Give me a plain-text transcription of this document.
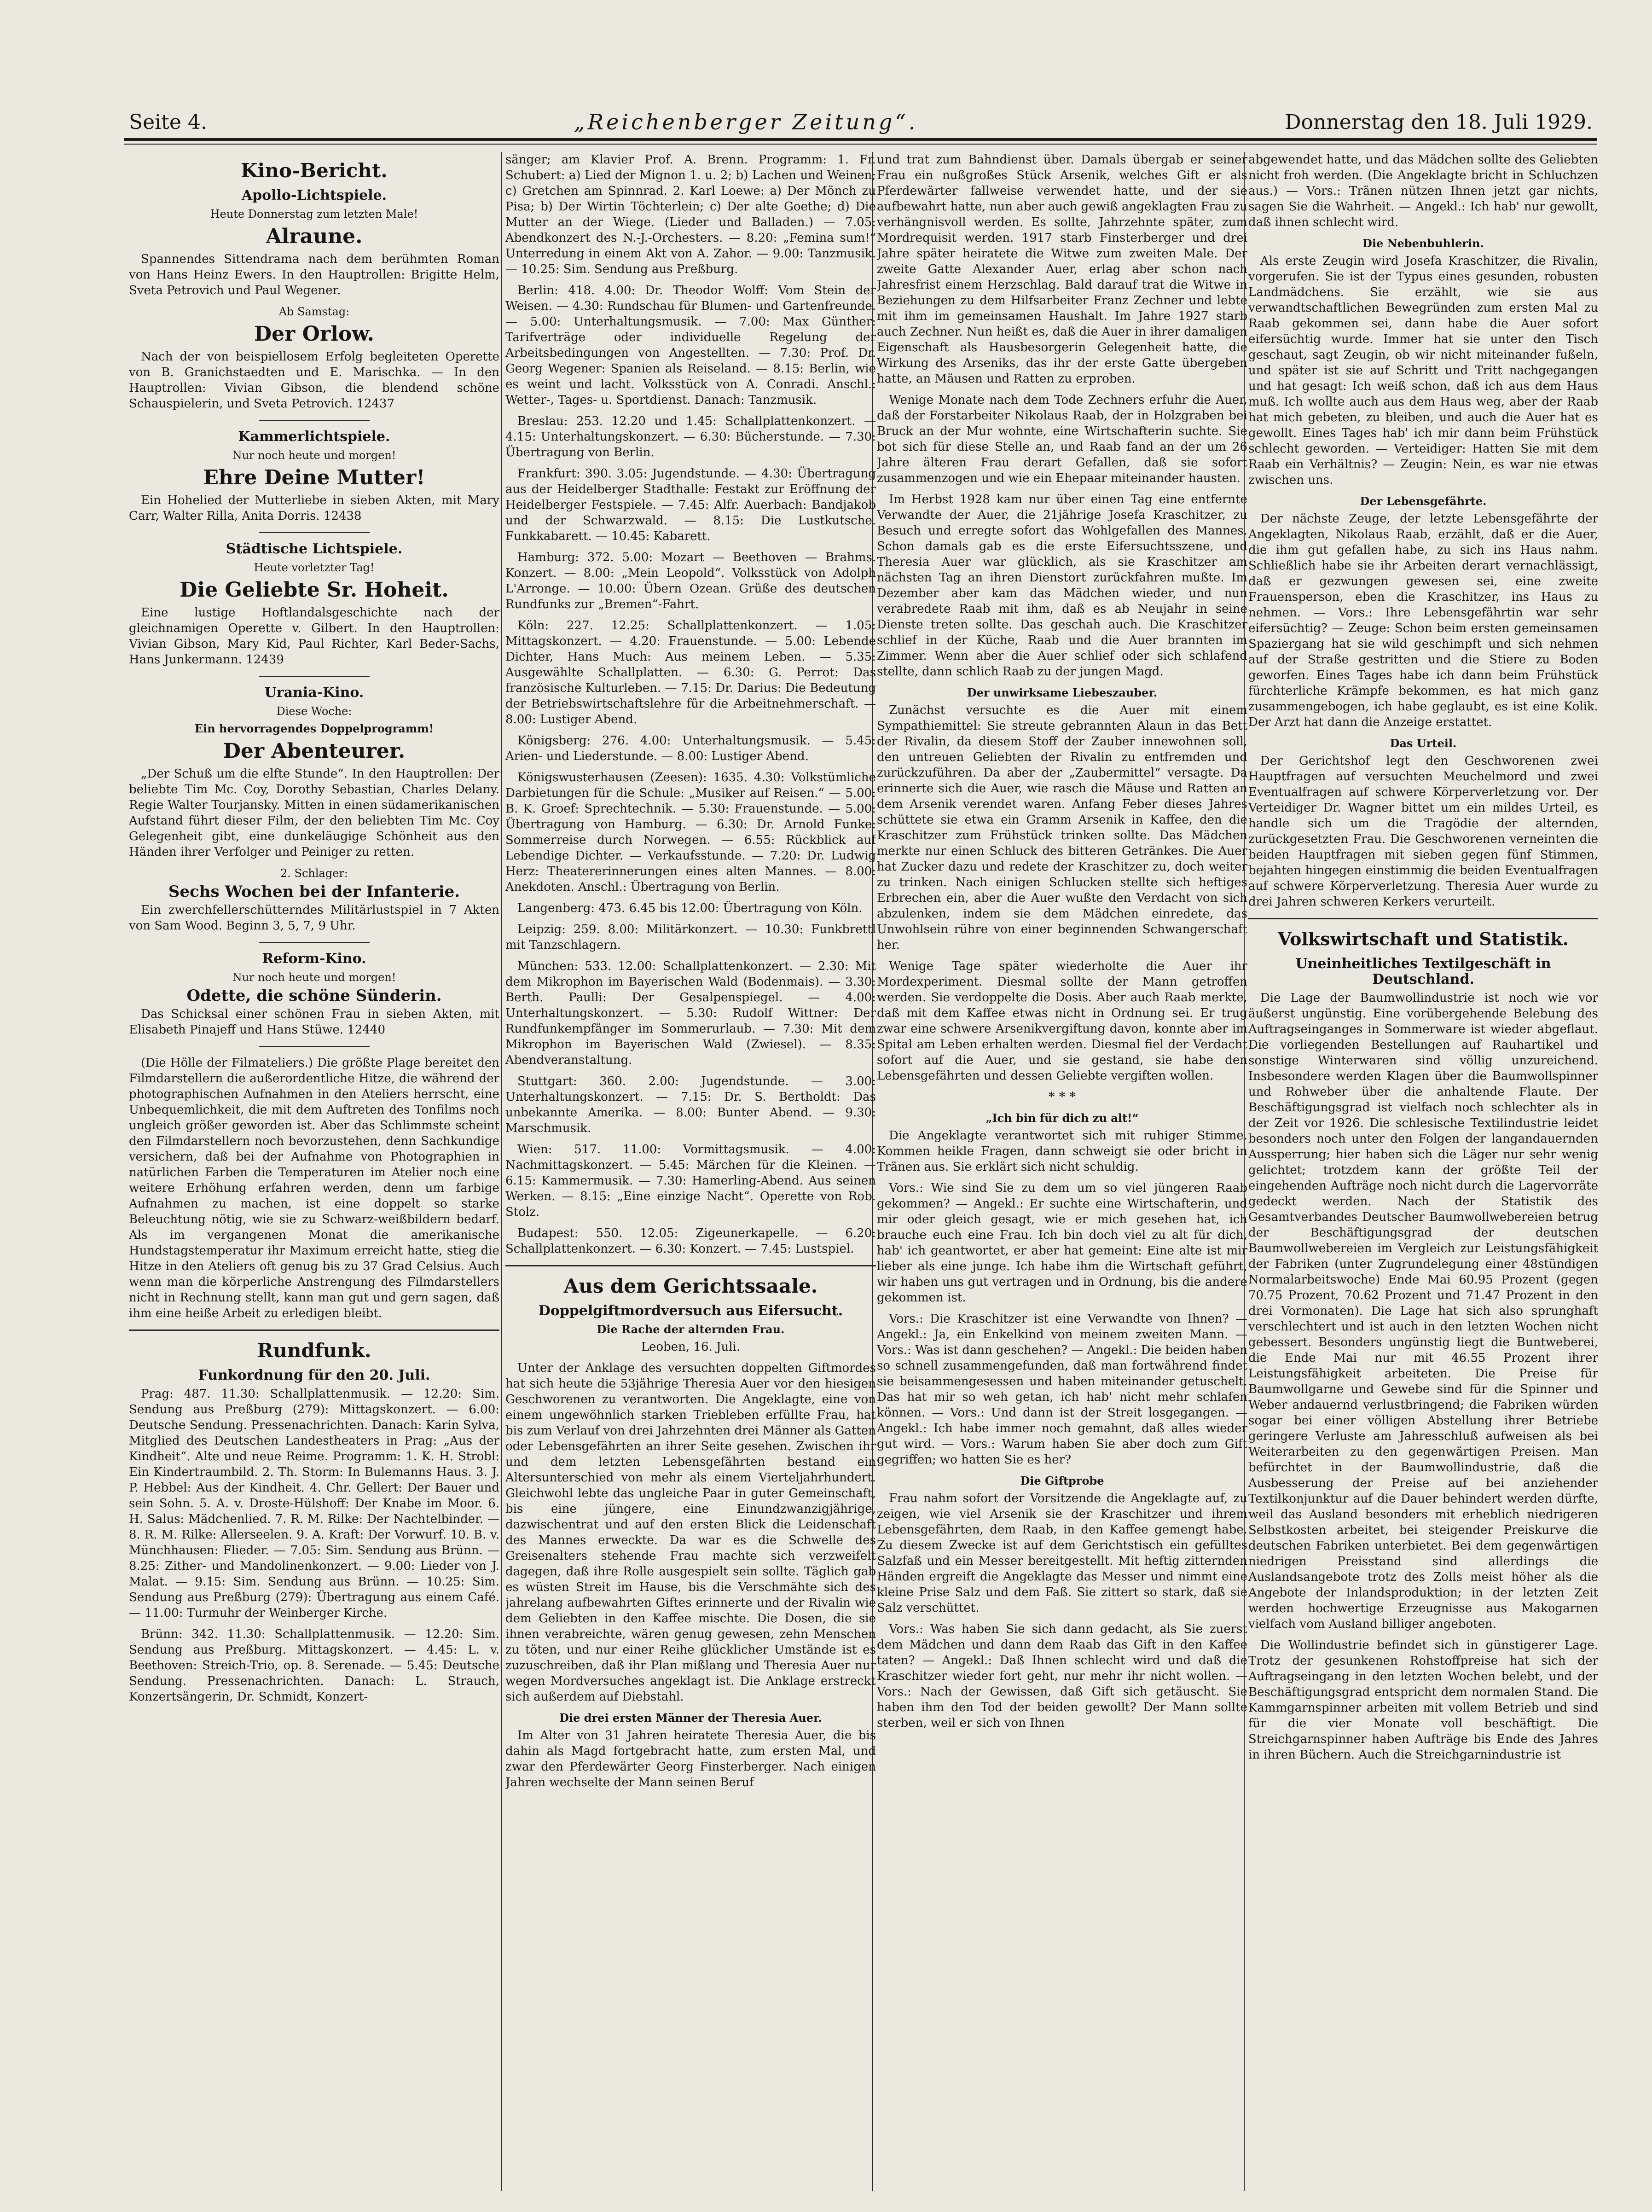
Seite 4.	„Reichenberger Zeitung“.	Donnerstag den 18. Juli 1929.
Kino-Bericht.
Apollo-Lichtspiele.
Heute Donnerstag zum letzten Male!
Alraune.

Spannendes Sittendrama nach dem berühmten Roman von Hans Heinz Ewers. In den Hauptrollen: Brigitte Helm, Sveta Petrovich und Paul Wegener.

Ab Samstag:
Der Orlow.

Nach der von beispiellosem Erfolg begleiteten Operette von B. Granichstaedten und E. Marischka. — In den Hauptrollen: Vivian Gibson, die blendend schöne Schauspielerin, und Sveta Petrovich. 12437

Kammerlichtspiele.
Nur noch heute und morgen!
Ehre Deine Mutter!

Ein Hohelied der Mutterliebe in sieben Akten, mit Mary Carr, Walter Rilla, Anita Dorris. 12438

Städtische Lichtspiele.
Heute vorletzter Tag!
Die Geliebte Sr. Hoheit.

Eine lustige Hoftlandalsgeschichte nach der gleichnamigen Operette v. Gilbert. In den Hauptrollen: Vivian Gibson, Mary Kid, Paul Richter, Karl Beder-Sachs, Hans Junkermann. 12439

Urania-Kino.
Diese Woche:
Ein hervorragendes Doppelprogramm!
Der Abenteurer.

„Der Schuß um die elfte Stunde“. In den Hauptrollen: Der beliebte Tim Mc. Coy, Dorothy Sebastian, Charles Delany. Regie Walter Tourjansky. Mitten in einen südamerikanischen Aufstand führt dieser Film, der den beliebten Tim Mc. Coy Gelegenheit gibt, eine dunkeläugige Schönheit aus den Händen ihrer Verfolger und Peiniger zu retten.

2. Schlager:
Sechs Wochen bei der Infanterie.

Ein zwerchfellerschütterndes Militärlustspiel in 7 Akten von Sam Wood. Beginn 3, 5, 7, 9 Uhr.

Reform-Kino.
Nur noch heute und morgen!
Odette, die schöne Sünderin.

Das Schicksal einer schönen Frau in sieben Akten, mit Elisabeth Pinajeff und Hans Stüwe. 12440

(Die Hölle der Filmateliers.) Die größte Plage bereitet den Filmdarstellern die außerordentliche Hitze, die während der photographischen Aufnahmen in den Ateliers herrscht, eine Unbequemlichkeit, die mit dem Auftreten des Tonfilms noch ungleich größer geworden ist. Aber das Schlimmste scheint den Filmdarstellern noch bevorzustehen, denn Sachkundige versichern, daß bei der Aufnahme von Photographien in natürlichen Farben die Temperaturen im Atelier noch eine weitere Erhöhung erfahren werden, denn um farbige Aufnahmen zu machen, ist eine doppelt so starke Beleuchtung nötig, wie sie zu Schwarz-weißbildern bedarf. Als im vergangenen Monat die amerikanische Hundstagstemperatur ihr Maximum erreicht hatte, stieg die Hitze in den Ateliers oft genug bis zu 37 Grad Celsius. Auch wenn man die körperliche Anstrengung des Filmdarstellers nicht in Rechnung stellt, kann man gut und gern sagen, daß ihm eine heiße Arbeit zu erledigen bleibt.

Rundfunk.
Funkordnung für den 20. Juli.

Prag: 487. 11.30: Schallplattenmusik. — 12.20: Sim. Sendung aus Preßburg (279): Mittagskonzert. — 6.00: Deutsche Sendung. Pressenachrichten. Danach: Karin Sylva, Mitglied des Deutschen Landestheaters in Prag: „Aus der Kindheit“. Alte und neue Reime. Programm: 1. K. H. Strobl: Ein Kindertraumbild. 2. Th. Storm: In Bulemanns Haus. 3. J. P. Hebbel: Aus der Kindheit. 4. Chr. Gellert: Der Bauer und sein Sohn. 5. A. v. Droste-Hülshoff: Der Knabe im Moor. 6. H. Salus: Mädchenlied. 7. R. M. Rilke: Der Nachtelbinder. — 8. R. M. Rilke: Allerseelen. 9. A. Kraft: Der Vorwurf. 10. B. v. Münchhausen: Flieder. — 7.05: Sim. Sendung aus Brünn. — 8.25: Zither- und Mandolinenkonzert. — 9.00: Lieder von J. Malat. — 9.15: Sim. Sendung aus Brünn. — 10.25: Sim. Sendung aus Preßburg (279): Übertragung aus einem Café. — 11.00: Turmuhr der Weinberger Kirche.

Brünn: 342. 11.30: Schallplattenmusik. — 12.20: Sim. Sendung aus Preßburg. Mittagskonzert. — 4.45: L. v. Beethoven: Streich-Trio, op. 8. Serenade. — 5.45: Deutsche Sendung. Pressenachrichten. Danach: L. Strauch, Konzertsängerin, Dr. Schmidt, Konzert-

sänger; am Klavier Prof. A. Brenn. Programm: 1. Fr. Schubert: a) Lied der Mignon 1. u. 2; b) Lachen und Weinen; c) Gretchen am Spinnrad. 2. Karl Loewe: a) Der Mönch zu Pisa; b) Der Wirtin Töchterlein; c) Der alte Goethe; d) Die Mutter an der Wiege. (Lieder und Balladen.) — 7.05: Abendkonzert des N.-J.-Orchesters. — 8.20: „Femina sum!“ Unterredung in einem Akt von A. Zahor. — 9.00: Tanzmusik. — 10.25: Sim. Sendung aus Preßburg.

Berlin: 418. 4.00: Dr. Theodor Wolff: Vom Stein der Weisen. — 4.30: Rundschau für Blumen- und Gartenfreunde. — 5.00: Unterhaltungsmusik. — 7.00: Max Günther: Tarifverträge oder individuelle Regelung der Arbeitsbedingungen von Angestellten. — 7.30: Prof. Dr. Georg Wegener: Spanien als Reiseland. — 8.15: Berlin, wie es weint und lacht. Volksstück von A. Conradi. Anschl.: Wetter-, Tages- u. Sportdienst. Danach: Tanzmusik.

Breslau: 253. 12.20 und 1.45: Schallplattenkonzert. — 4.15: Unterhaltungskonzert. — 6.30: Bücherstunde. — 7.30: Übertragung von Berlin.

Frankfurt: 390. 3.05: Jugendstunde. — 4.30: Übertragung aus der Heidelberger Stadthalle: Festakt zur Eröffnung der Heidelberger Festspiele. — 7.45: Alfr. Auerbach: Bandjakob und der Schwarzwald. — 8.15: Die Lustkutsche. Funkkabarett. — 10.45: Kabarett.

Hamburg: 372. 5.00: Mozart — Beethoven — Brahms. Konzert. — 8.00: „Mein Leopold“. Volksstück von Adolph L'Arronge. — 10.00: Übern Ozean. Grüße des deutschen Rundfunks zur „Bremen“-Fahrt.

Köln: 227. 12.25: Schallplattenkonzert. — 1.05: Mittagskonzert. — 4.20: Frauenstunde. — 5.00: Lebende Dichter, Hans Much: Aus meinem Leben. — 5.35: Ausgewählte Schallplatten. — 6.30: G. Perrot: Das französische Kulturleben. — 7.15: Dr. Darius: Die Bedeutung der Betriebswirtschaftslehre für die Arbeitnehmerschaft. — 8.00: Lustiger Abend.

Königsberg: 276. 4.00: Unterhaltungsmusik. — 5.45: Arien- und Liederstunde. — 8.00: Lustiger Abend.

Königswusterhausen (Zeesen): 1635. 4.30: Volkstümliche Darbietungen für die Schule: „Musiker auf Reisen.“ — 5.00: B. K. Groef: Sprechtechnik. — 5.30: Frauenstunde. — 5.00: Übertragung von Hamburg. — 6.30: Dr. Arnold Funke: Sommerreise durch Norwegen. — 6.55: Rückblick auf Lebendige Dichter. — Verkaufsstunde. — 7.20: Dr. Ludwig Herz: Theatererinnerungen eines alten Mannes. — 8.00: Anekdoten. Anschl.: Übertragung von Berlin.

Langenberg: 473. 6.45 bis 12.00: Übertragung von Köln.

Leipzig: 259. 8.00: Militärkonzert. — 10.30: Funkbrettl mit Tanzschlagern.

München: 533. 12.00: Schallplattenkonzert. — 2.30: Mit dem Mikrophon im Bayerischen Wald (Bodenmais). — 3.30: Berth. Paulli: Der Gesalpenspiegel. — 4.00: Unterhaltungskonzert. — 5.30: Rudolf Wittner: Der Rundfunkempfänger im Sommerurlaub. — 7.30: Mit dem Mikrophon im Bayerischen Wald (Zwiesel). — 8.35: Abendveranstaltung.

Stuttgart: 360. 2.00: Jugendstunde. — 3.00: Unterhaltungskonzert. — 7.15: Dr. S. Bertholdt: Das unbekannte Amerika. — 8.00: Bunter Abend. — 9.30: Marschmusik.

Wien: 517. 11.00: Vormittagsmusik. — 4.00: Nachmittagskonzert. — 5.45: Märchen für die Kleinen. — 6.15: Kammermusik. — 7.30: Hamerling-Abend. Aus seinen Werken. — 8.15: „Eine einzige Nacht“. Operette von Rob. Stolz.

Budapest: 550. 12.05: Zigeunerkapelle. — 6.20: Schallplattenkonzert. — 6.30: Konzert. — 7.45: Lustspiel.

Aus dem Gerichtssaale.
Doppelgiftmordversuch aus Eifersucht.
Die Rache der alternden Frau.

Leoben, 16. Juli.

Unter der Anklage des versuchten doppelten Giftmordes hat sich heute die 53jährige Theresia Auer vor den hiesigen Geschworenen zu verantworten. Die Angeklagte, eine von einem ungewöhnlich starken Triebleben erfüllte Frau, hat bis zum Verlauf von drei Jahrzehnten drei Männer als Gatten oder Lebensgefährten an ihrer Seite gesehen. Zwischen ihr und dem letzten Lebensgefährten bestand ein Altersunterschied von mehr als einem Vierteljahrhundert. Gleichwohl lebte das ungleiche Paar in guter Gemeinschaft, bis eine jüngere, eine Einundzwanzigjährige, dazwischentrat und auf den ersten Blick die Leidenschaft des Mannes erweckte. Da war es die Schwelle des Greisenalters stehende Frau machte sich verzweifelt dagegen, daß ihre Rolle ausgespielt sein sollte. Täglich gab es wüsten Streit im Hause, bis die Verschmähte sich des jahrelang aufbewahrten Giftes erinnerte und der Rivalin wie dem Geliebten in den Kaffee mischte. Die Dosen, die sie ihnen verabreichte, wären genug gewesen, zehn Menschen zu töten, und nur einer Reihe glücklicher Umstände ist es zuzuschreiben, daß ihr Plan mißlang und Theresia Auer nur wegen Mordversuches angeklagt ist. Die Anklage erstreckt sich außerdem auf Diebstahl.

Die drei ersten Männer der Theresia Auer.

Im Alter von 31 Jahren heiratete Theresia Auer, die bis dahin als Magd fortgebracht hatte, zum ersten Mal, und zwar den Pferdewärter Georg Finsterberger. Nach einigen Jahren wechselte der Mann seinen Beruf

und trat zum Bahndienst über. Damals übergab er seiner Frau ein nußgroßes Stück Arsenik, welches Gift er als Pferdewärter fallweise verwendet hatte, und der sie aufbewahrt hatte, nun aber auch gewiß angeklagten Frau zu verhängnisvoll werden. Es sollte, Jahrzehnte später, zum Mordrequisit werden. 1917 starb Finsterberger und drei Jahre später heiratete die Witwe zum zweiten Male. Der zweite Gatte Alexander Auer, erlag aber schon nach Jahresfrist einem Herzschlag. Bald darauf trat die Witwe in Beziehungen zu dem Hilfsarbeiter Franz Zechner und lebte mit ihm im gemeinsamen Haushalt. Im Jahre 1927 starb auch Zechner. Nun heißt es, daß die Auer in ihrer damaligen Eigenschaft als Hausbesorgerin Gelegenheit hatte, die Wirkung des Arseniks, das ihr der erste Gatte übergeben hatte, an Mäusen und Ratten zu erproben.

Wenige Monate nach dem Tode Zechners erfuhr die Auer, daß der Forstarbeiter Nikolaus Raab, der in Holzgraben bei Bruck an der Mur wohnte, eine Wirtschafterin suchte. Sie bot sich für diese Stelle an, und Raab fand an der um 26 Jahre älteren Frau derart Gefallen, daß sie sofort zusammenzogen und wie ein Ehepaar miteinander hausten.

Im Herbst 1928 kam nur über einen Tag eine entfernte Verwandte der Auer, die 21jährige Josefa Kraschitzer, zu Besuch und erregte sofort das Wohlgefallen des Mannes. Schon damals gab es die erste Eifersuchtsszene, und Theresia Auer war glücklich, als sie Kraschitzer am nächsten Tag an ihren Dienstort zurückfahren mußte. Im Dezember aber kam das Mädchen wieder, und nun verabredete Raab mit ihm, daß es ab Neujahr in seine Dienste treten sollte. Das geschah auch. Die Kraschitzer schlief in der Küche, Raab und die Auer brannten im Zimmer. Wenn aber die Auer schlief oder sich schlafend stellte, dann schlich Raab zu der jungen Magd.

Der unwirksame Liebeszauber.

Zunächst versuchte es die Auer mit einem Sympathiemittel: Sie streute gebrannten Alaun in das Bett der Rivalin, da diesem Stoff der Zauber innewohnen soll, den untreuen Geliebten der Rivalin zu entfremden und zurückzuführen. Da aber der „Zaubermittel“ versagte. Da erinnerte sich die Auer, wie rasch die Mäuse und Ratten an dem Arsenik verendet waren. Anfang Feber dieses Jahres schüttete sie etwa ein Gramm Arsenik in Kaffee, den die Kraschitzer zum Frühstück trinken sollte. Das Mädchen merkte nur einen Schluck des bitteren Getränkes. Die Auer hat Zucker dazu und redete der Kraschitzer zu, doch weiter zu trinken. Nach einigen Schlucken stellte sich heftiges Erbrechen ein, aber die Auer wußte den Verdacht von sich abzulenken, indem sie dem Mädchen einredete, das Unwohlsein rühre von einer beginnenden Schwangerschaft her.

Wenige Tage später wiederholte die Auer ihr Mordexperiment. Diesmal sollte der Mann getroffen werden. Sie verdoppelte die Dosis. Aber auch Raab merkte, daß mit dem Kaffee etwas nicht in Ordnung sei. Er trug zwar eine schwere Arsenikvergiftung davon, konnte aber im Spital am Leben erhalten werden. Diesmal fiel der Verdacht sofort auf die Auer, und sie gestand, sie habe den Lebensgefährten und dessen Geliebte vergiften wollen.

* * *

„Ich bin für dich zu alt!“

Die Angeklagte verantwortet sich mit ruhiger Stimme. Kommen heikle Fragen, dann schweigt sie oder bricht in Tränen aus. Sie erklärt sich nicht schuldig.

Vors.: Wie sind Sie zu dem um so viel jüngeren Raab gekommen? — Angekl.: Er suchte eine Wirtschafterin, und mir oder gleich gesagt, wie er mich gesehen hat, ich brauche euch eine Frau. Ich bin doch viel zu alt für dich, hab' ich geantwortet, er aber hat gemeint: Eine alte ist mir lieber als eine junge. Ich habe ihm die Wirtschaft geführt, wir haben uns gut vertragen und in Ordnung, bis die andere gekommen ist.

Vors.: Die Kraschitzer ist eine Verwandte von Ihnen? — Angekl.: Ja, ein Enkelkind von meinem zweiten Mann. — Vors.: Was ist dann geschehen? — Angekl.: Die beiden haben so schnell zusammengefunden, daß man fortwährend findet sie beisammengesessen und haben miteinander getuschelt. Das hat mir so weh getan, ich hab' nicht mehr schlafen können. — Vors.: Und dann ist der Streit losgegangen. — Angekl.: Ich habe immer noch gemahnt, daß alles wieder gut wird. — Vors.: Warum haben Sie aber doch zum Gift gegriffen; wo hatten Sie es her?

Die Giftprobe

Frau nahm sofort der Vorsitzende die Angeklagte auf, zu zeigen, wie viel Arsenik sie der Kraschitzer und ihrem Lebensgefährten, dem Raab, in den Kaffee gemengt habe. Zu diesem Zwecke ist auf dem Gerichtstisch ein gefülltes Salzfaß und ein Messer bereitgestellt. Mit heftig zitternden Händen ergreift die Angeklagte das Messer und nimmt eine kleine Prise Salz und dem Faß. Sie zittert so stark, daß sie Salz verschüttet.

Vors.: Was haben Sie sich dann gedacht, als Sie zuerst dem Mädchen und dann dem Raab das Gift in den Kaffee taten? — Angekl.: Daß Ihnen schlecht wird und daß die Kraschitzer wieder fort geht, nur mehr ihr nicht wollen. — Vors.: Nach der Gewissen, daß Gift sich getäuscht. Sie haben ihm den Tod der beiden gewollt? Der Mann sollte sterben, weil er sich von Ihnen

abgewendet hatte, und das Mädchen sollte des Geliebten nicht froh werden. (Die Angeklagte bricht in Schluchzen aus.) — Vors.: Tränen nützen Ihnen jetzt gar nichts, sagen Sie die Wahrheit. — Angekl.: Ich hab' nur gewollt, daß ihnen schlecht wird.

Die Nebenbuhlerin.

Als erste Zeugin wird Josefa Kraschitzer, die Rivalin, vorgerufen. Sie ist der Typus eines gesunden, robusten Landmädchens. Sie erzählt, wie sie aus verwandtschaftlichen Bewegründen zum ersten Mal zu Raab gekommen sei, dann habe die Auer sofort eifersüchtig wurde. Immer hat sie unter den Tisch geschaut, sagt Zeugin, ob wir nicht miteinander fußeln, und später ist sie auf Schritt und Tritt nachgegangen und hat gesagt: Ich weiß schon, daß ich aus dem Haus muß. Ich wollte auch aus dem Haus weg, aber der Raab hat mich gebeten, zu bleiben, und auch die Auer hat es gewollt. Eines Tages hab' ich mir dann beim Frühstück schlecht geworden. — Verteidiger: Hatten Sie mit dem Raab ein Verhältnis? — Zeugin: Nein, es war nie etwas zwischen uns.

Der Lebensgefährte.

Der nächste Zeuge, der letzte Lebensgefährte der Angeklagten, Nikolaus Raab, erzählt, daß er die Auer, die ihm gut gefallen habe, zu sich ins Haus nahm. Schließlich habe sie ihr Arbeiten derart vernachlässigt, daß er gezwungen gewesen sei, eine zweite Frauensperson, eben die Kraschitzer, ins Haus zu nehmen. — Vors.: Ihre Lebensgefährtin war sehr eifersüchtig? — Zeuge: Schon beim ersten gemeinsamen Spaziergang hat sie wild geschimpft und sich nehmen auf der Straße gestritten und die Stiere zu Boden geworfen. Eines Tages habe ich dann beim Frühstück fürchterliche Krämpfe bekommen, es hat mich ganz zusammengebogen, ich habe geglaubt, es ist eine Kolik. Der Arzt hat dann die Anzeige erstattet.

Das Urteil.

Der Gerichtshof legt den Geschworenen zwei Hauptfragen auf versuchten Meuchelmord und zwei Eventualfragen auf schwere Körperverletzung vor. Der Verteidiger Dr. Wagner bittet um ein mildes Urteil, es handle sich um die Tragödie der alternden, zurückgesetzten Frau. Die Geschworenen verneinten die beiden Hauptfragen mit sieben gegen fünf Stimmen, bejahten hingegen einstimmig die beiden Eventualfragen auf schwere Körperverletzung. Theresia Auer wurde zu drei Jahren schweren Kerkers verurteilt.

Volkswirtschaft und Statistik.
Uneinheitliches Textilgeschäft in Deutschland.

Die Lage der Baumwollindustrie ist noch wie vor äußerst ungünstig. Eine vorübergehende Belebung des Auftragseinganges in Sommerware ist wieder abgeflaut. Die vorliegenden Bestellungen auf Rauhartikel und sonstige Winterwaren sind völlig unzureichend. Insbesondere werden Klagen über die Baumwollspinner und Rohweber über die anhaltende Flaute. Der Beschäftigungsgrad ist vielfach noch schlechter als in der Zeit vor 1926. Die schlesische Textilindustrie leidet besonders noch unter den Folgen der langandauernden Aussperrung; hier haben sich die Läger nur sehr wenig gelichtet; trotzdem kann der größte Teil der eingehenden Aufträge noch nicht durch die Lagervorräte gedeckt werden. Nach der Statistik des Gesamtverbandes Deutscher Baumwollwebereien betrug der Beschäftigungsgrad der deutschen Baumwollwebereien im Vergleich zur Leistungsfähigkeit der Fabriken (unter Zugrundelegung einer 48stündigen Normalarbeitswoche) Ende Mai 60.95 Prozent (gegen 70.75 Prozent, 70.62 Prozent und 71.47 Prozent in den drei Vormonaten). Die Lage hat sich also sprunghaft verschlechtert und ist auch in den letzten Wochen nicht gebessert. Besonders ungünstig liegt die Buntweberei, die Ende Mai nur mit 46.55 Prozent ihrer Leistungsfähigkeit arbeiteten. Die Preise für Baumwollgarne und Gewebe sind für die Spinner und Weber andauernd verlustbringend; die Fabriken würden sogar bei einer völligen Abstellung ihrer Betriebe geringere Verluste am Jahresschluß aufweisen als bei Weiterarbeiten zu den gegenwärtigen Preisen. Man befürchtet in der Baumwollindustrie, daß die Ausbesserung der Preise auf bei anziehender Textilkonjunktur auf die Dauer behindert werden dürfte, weil das Ausland besonders mit erheblich niedrigeren Selbstkosten arbeitet, bei steigender Preiskurve die deutschen Fabriken unterbietet. Bei dem gegenwärtigen niedrigen Preisstand sind allerdings die Auslandsangebote trotz des Zolls meist höher als die Angebote der Inlandsproduktion; in der letzten Zeit werden hochwertige Erzeugnisse aus Makogarnen vielfach vom Ausland billiger angeboten.

Die Wollindustrie befindet sich in günstigerer Lage. Trotz der gesunkenen Rohstoffpreise hat sich der Auftragseingang in den letzten Wochen belebt, und der Beschäftigungsgrad entspricht dem normalen Stand. Die Kammgarnspinner arbeiten mit vollem Betrieb und sind für die vier Monate voll beschäftigt. Die Streichgarnspinner haben Aufträge bis Ende des Jahres in ihren Büchern. Auch die Streichgarnindustrie ist
